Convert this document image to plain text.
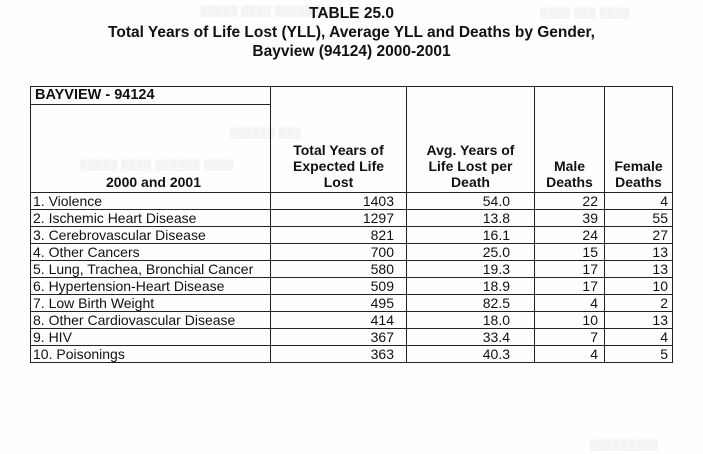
▒▒▒▒▒ ▒▒▒▒ ▒▒▒▒▒▒	▒▒▒▒ ▒▒▒ ▒▒▒▒
▒▒▒▒▒ ▒▒▒▒ ▒▒▒▒▒▒ ▒▒▒▒
▒▒▒▒▒▒ ▒▒▒
▒▒▒▒▒▒▒▒▒
TABLE 25.0
Total Years of Life Lost (YLL), Average YLL and Deaths by Gender,
Bayview (94124) 2000-2001
BAYVIEW - 94124				
2000 and 2001	Total Years of Expected Life Lost	Avg. Years of Life Lost per Death	Male Deaths	Female Deaths
1. Violence	1403	54.0	22	4
2. Ischemic Heart Disease	1297	13.8	39	55
3. Cerebrovascular Disease	821	16.1	24	27
4. Other Cancers	700	25.0	15	13
5. Lung, Trachea, Bronchial Cancer	580	19.3	17	13
6. Hypertension-Heart Disease	509	18.9	17	10
7. Low Birth Weight	495	82.5	4	2
8. Other Cardiovascular Disease	414	18.0	10	13
9. HIV	367	33.4	7	4
10. Poisonings	363	40.3	4	5
